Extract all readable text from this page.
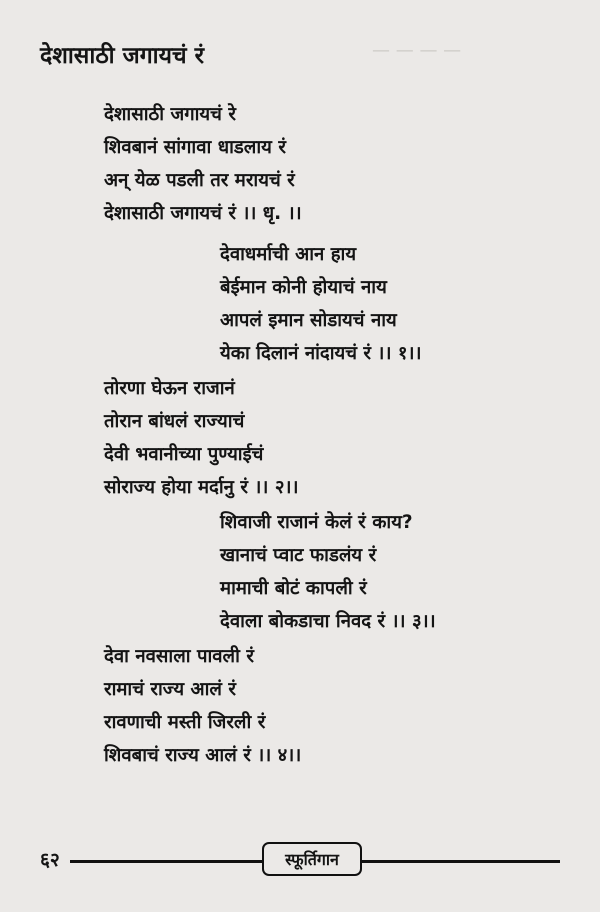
— — — —
देशासाठी जगायचं रं
देशासाठी जगायचं रे
शिवबानं सांगावा धाडलाय रं
अन् येळ पडली तर मरायचं रं
देशासाठी जगायचं रं ।। धृ. ।।
देवाधर्माची आन हाय
बेईमान कोनी होयाचं नाय
आपलं इमान सोडायचं नाय
येका दिलानं नांदायचं रं ।। १।।
तोरणा घेऊन राजानं
तोरान बांधलं राज्याचं
देवी भवानीच्या पुण्याईचं
सोराज्य होया मर्दानु रं ।। २।।
शिवाजी राजानं केलं रं काय?
खानाचं प्वाट फाडलंय रं
मामाची बोटं कापली रं
देवाला बोकडाचा निवद रं ।। ३।।
देवा नवसाला पावली रं
रामाचं राज्य आलं रं
रावणाची मस्ती जिरली रं
शिवबाचं राज्य आलं रं ।। ४।।
६२	स्फूर्तिगान
